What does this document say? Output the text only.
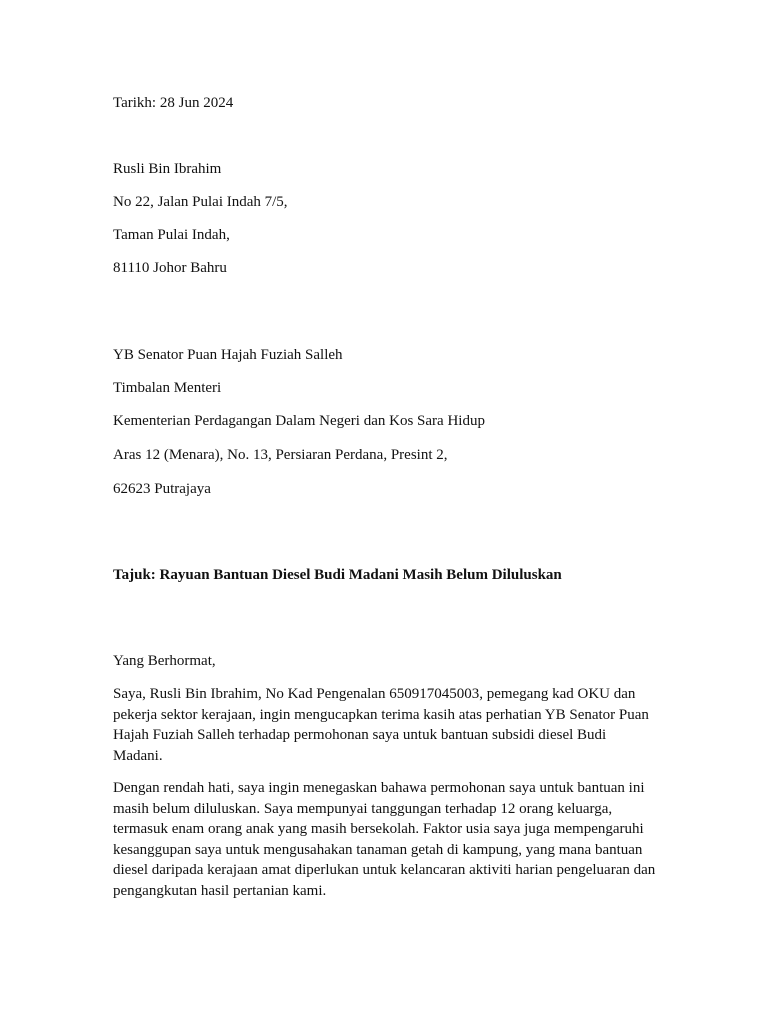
Tarikh: 28 Jun 2024

Rusli Bin Ibrahim

No 22, Jalan Pulai Indah 7/5,

Taman Pulai Indah,

81110 Johor Bahru

YB Senator Puan Hajah Fuziah Salleh

Timbalan Menteri

Kementerian Perdagangan Dalam Negeri dan Kos Sara Hidup

Aras 12 (Menara), No. 13, Persiaran Perdana, Presint 2,

62623 Putrajaya

Tajuk: Rayuan Bantuan Diesel Budi Madani Masih Belum Diluluskan

Yang Berhormat,

Saya, Rusli Bin Ibrahim, No Kad Pengenalan 650917045003, pemegang kad OKU dan pekerja sektor kerajaan, ingin mengucapkan terima kasih atas perhatian YB Senator Puan Hajah Fuziah Salleh terhadap permohonan saya untuk bantuan subsidi diesel Budi Madani.

Dengan rendah hati, saya ingin menegaskan bahawa permohonan saya untuk bantuan ini masih belum diluluskan. Saya mempunyai tanggungan terhadap 12 orang keluarga, termasuk enam orang anak yang masih bersekolah. Faktor usia saya juga mempengaruhi kesanggupan saya untuk mengusahakan tanaman getah di kampung, yang mana bantuan diesel daripada kerajaan amat diperlukan untuk kelancaran aktiviti harian pengeluaran dan pengangkutan hasil pertanian kami.
